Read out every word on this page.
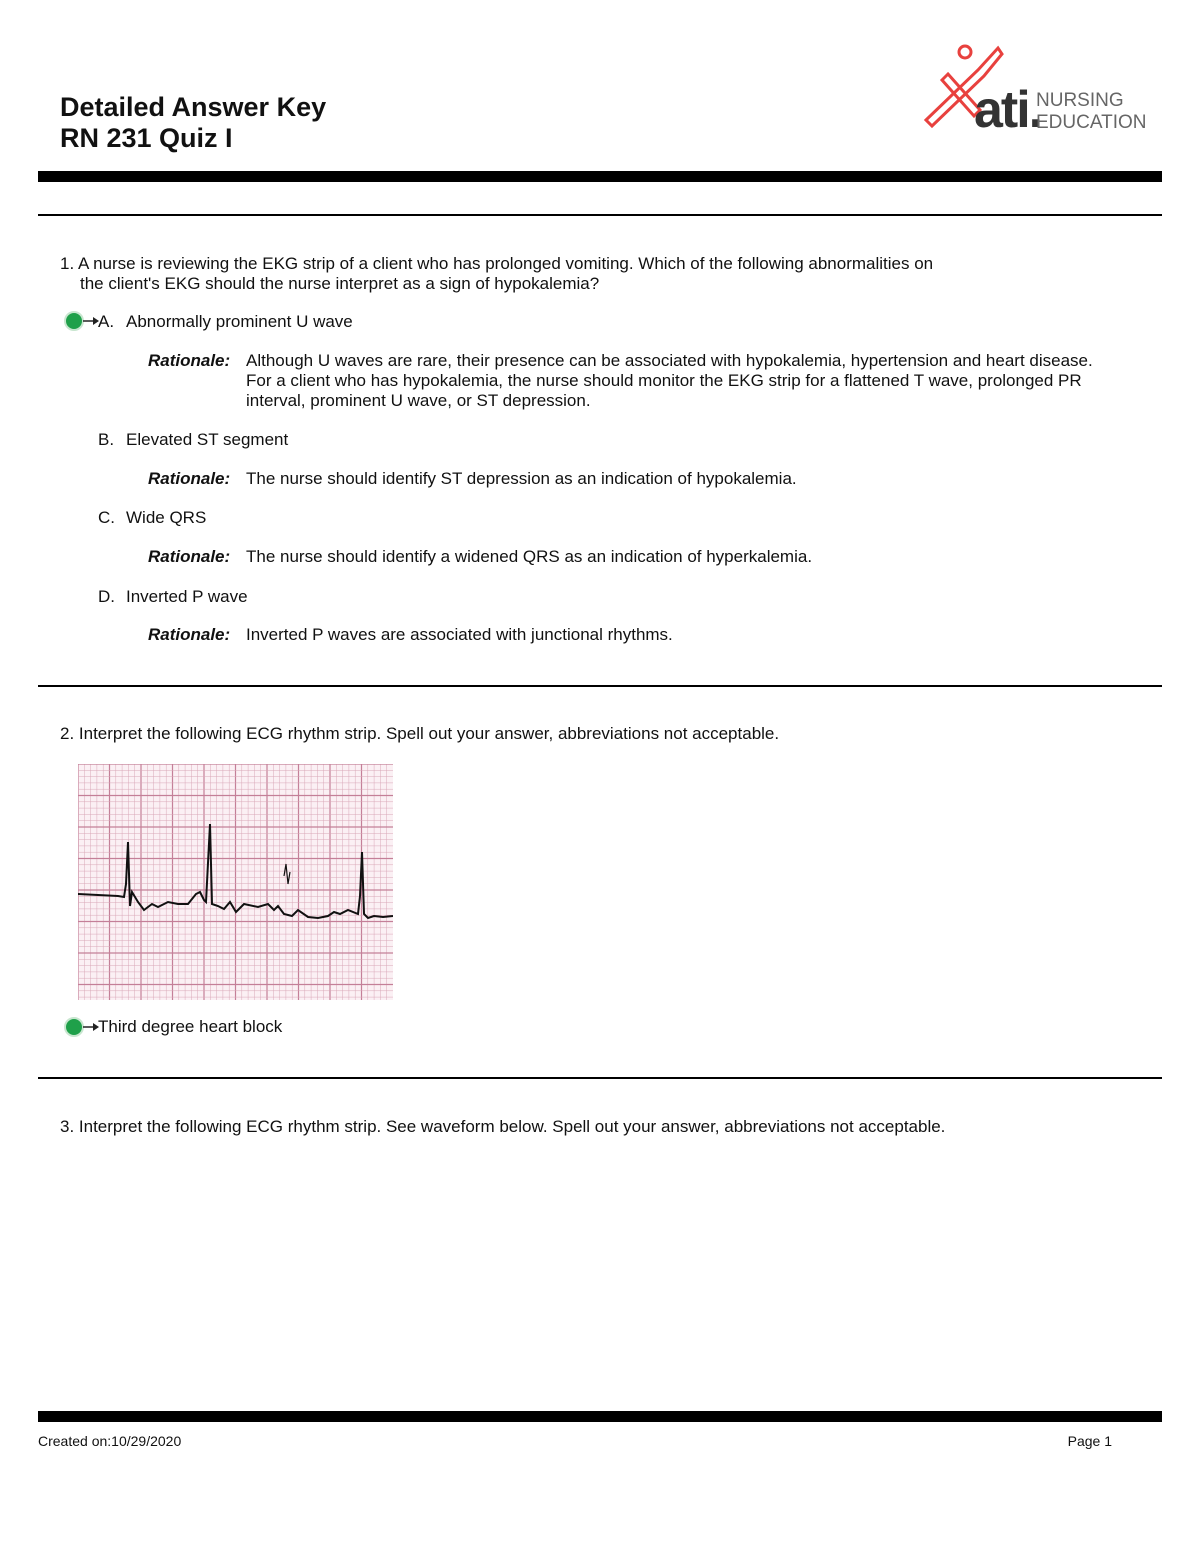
Detailed Answer Key
RN 231 Quiz I	ati.
NURSING
EDUCATION
1. A nurse is reviewing the EKG strip of a client who has prolonged vomiting. Which of the following abnormalities on
the client's EKG should the nurse interpret as a sign of hypokalemia?
A. Abnormally prominent U wave
Rationale: Although U waves are rare, their presence can be associated with hypokalemia, hypertension and heart disease. For a client who has hypokalemia, the nurse should monitor the EKG strip for a flattened T wave, prolonged PR interval, prominent U wave, or ST depression.
B. Elevated ST segment
Rationale: The nurse should identify ST depression as an indication of hypokalemia.
C. Wide QRS
Rationale: The nurse should identify a widened QRS as an indication of hyperkalemia.
D. Inverted P wave
Rationale: Inverted P waves are associated with junctional rhythms.
2. Interpret the following ECG rhythm strip. Spell out your answer, abbreviations not acceptable.
Third degree heart block
3. Interpret the following ECG rhythm strip. See waveform below. Spell out your answer, abbreviations not acceptable.
Created on:10/29/2020	Page 1
